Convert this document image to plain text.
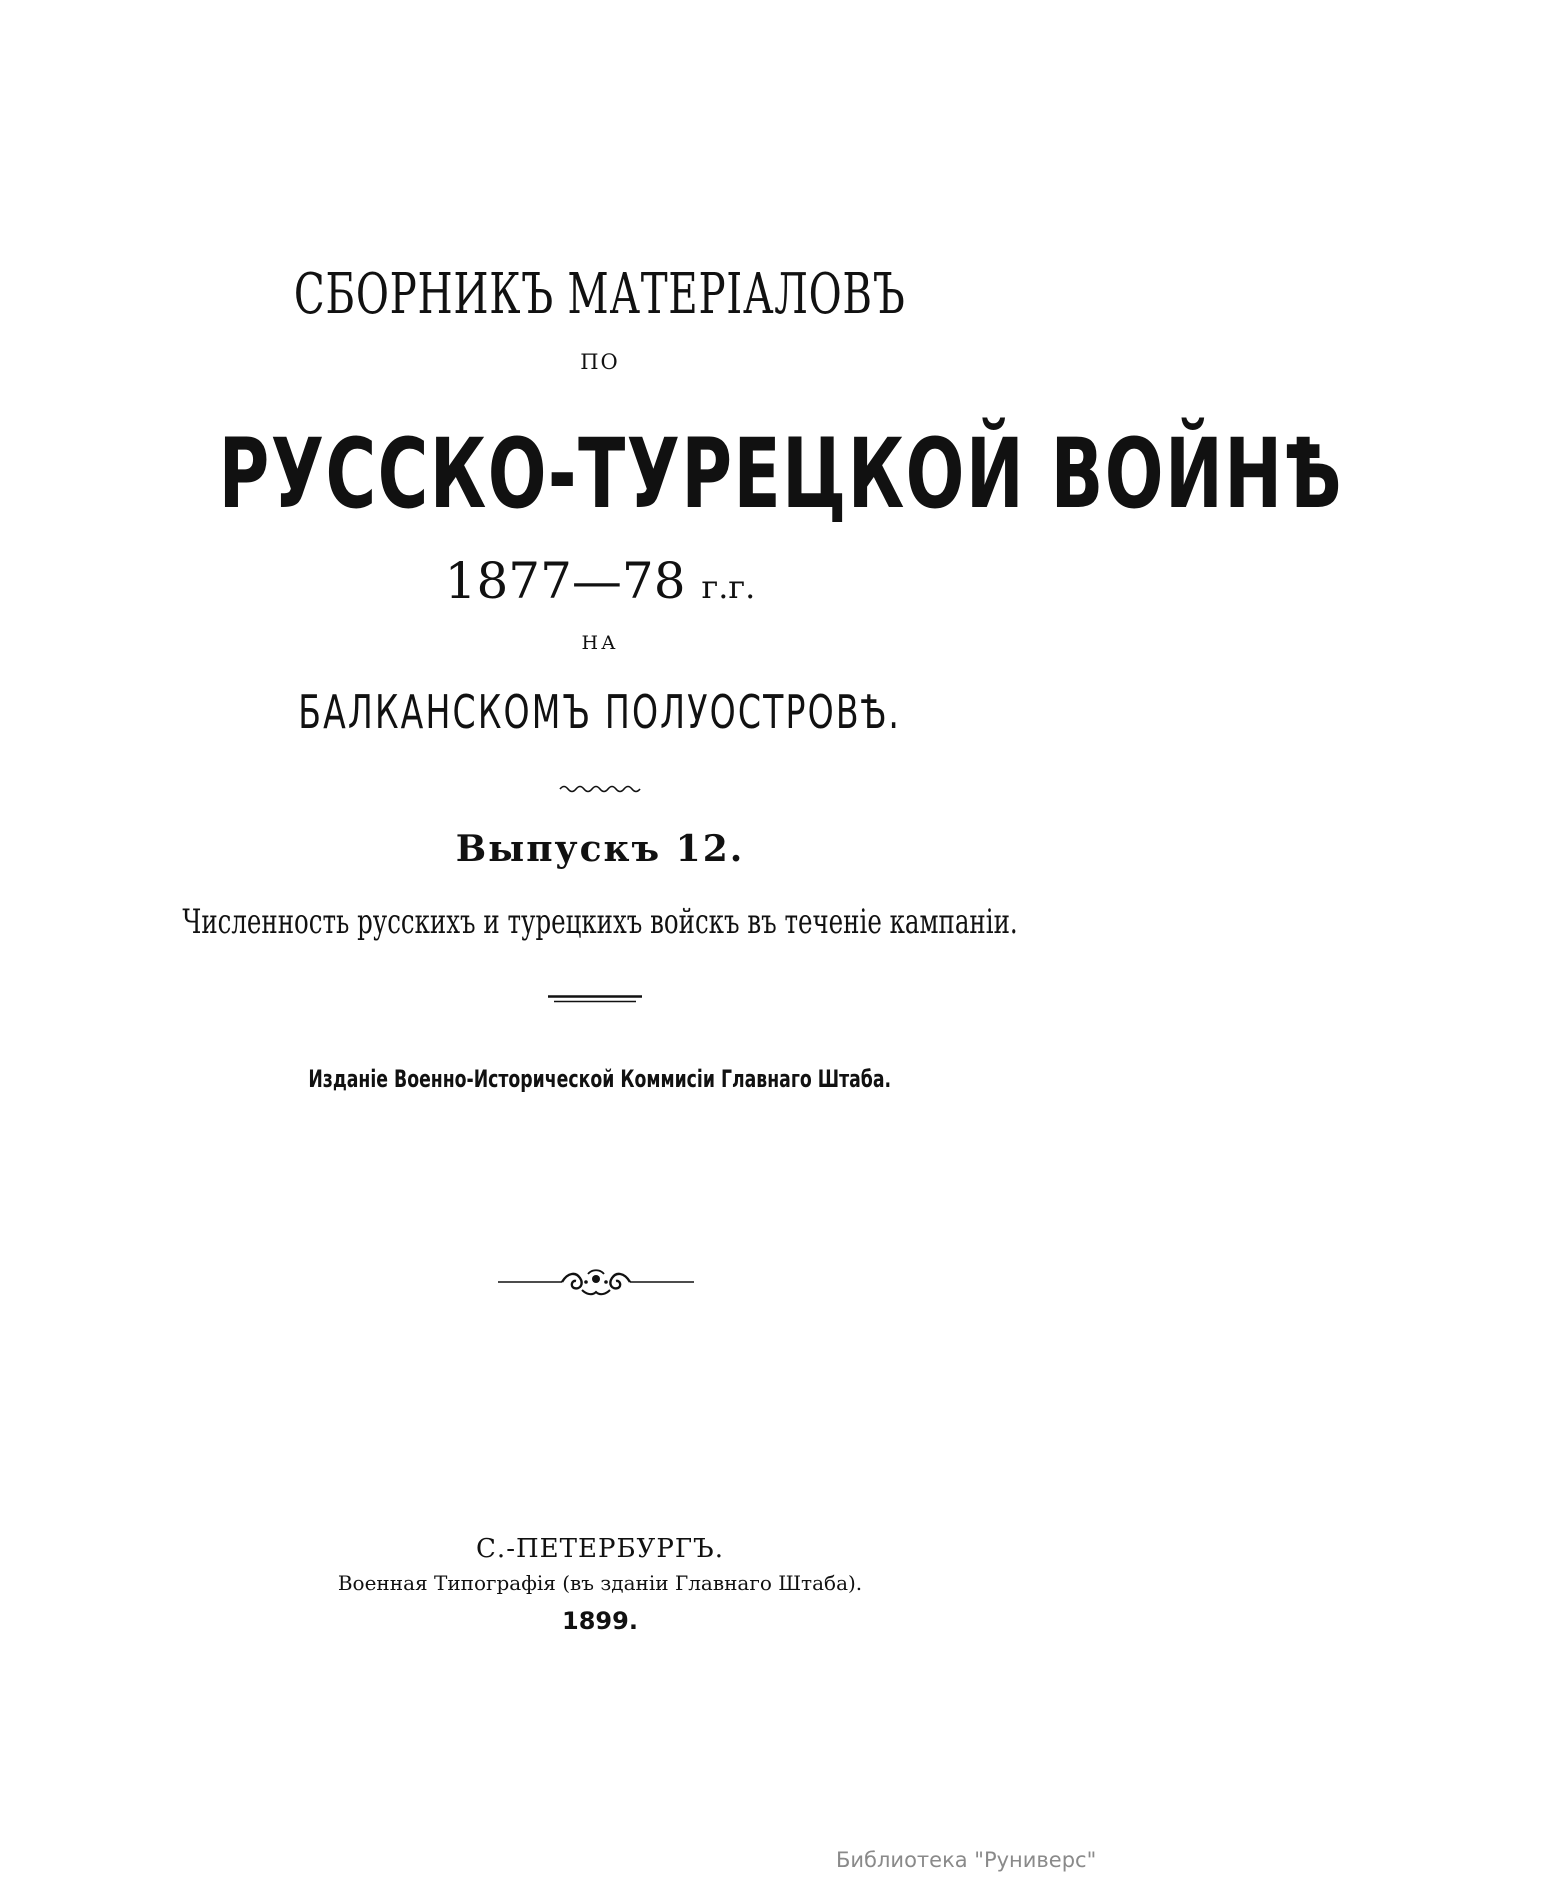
СБОРНИКЪ МАТЕРІАЛОВЪ
ПО
РУССКО-ТУРЕЦКОЙ ВОЙНѢ
1877—78 г.г.
НА
БАЛКАНСКОМЪ ПОЛУОСТРОВѢ.
Выпускъ 12.
Численность русскихъ и турецкихъ войскъ въ теченіе кампаніи.
Изданіе Военно-Исторической Коммисіи Главнаго Штаба.
С.-ПЕТЕРБУРГЪ.
Военная Типографія (въ зданіи Главнаго Штаба).
1899.
Библиотека "Руниверс"
